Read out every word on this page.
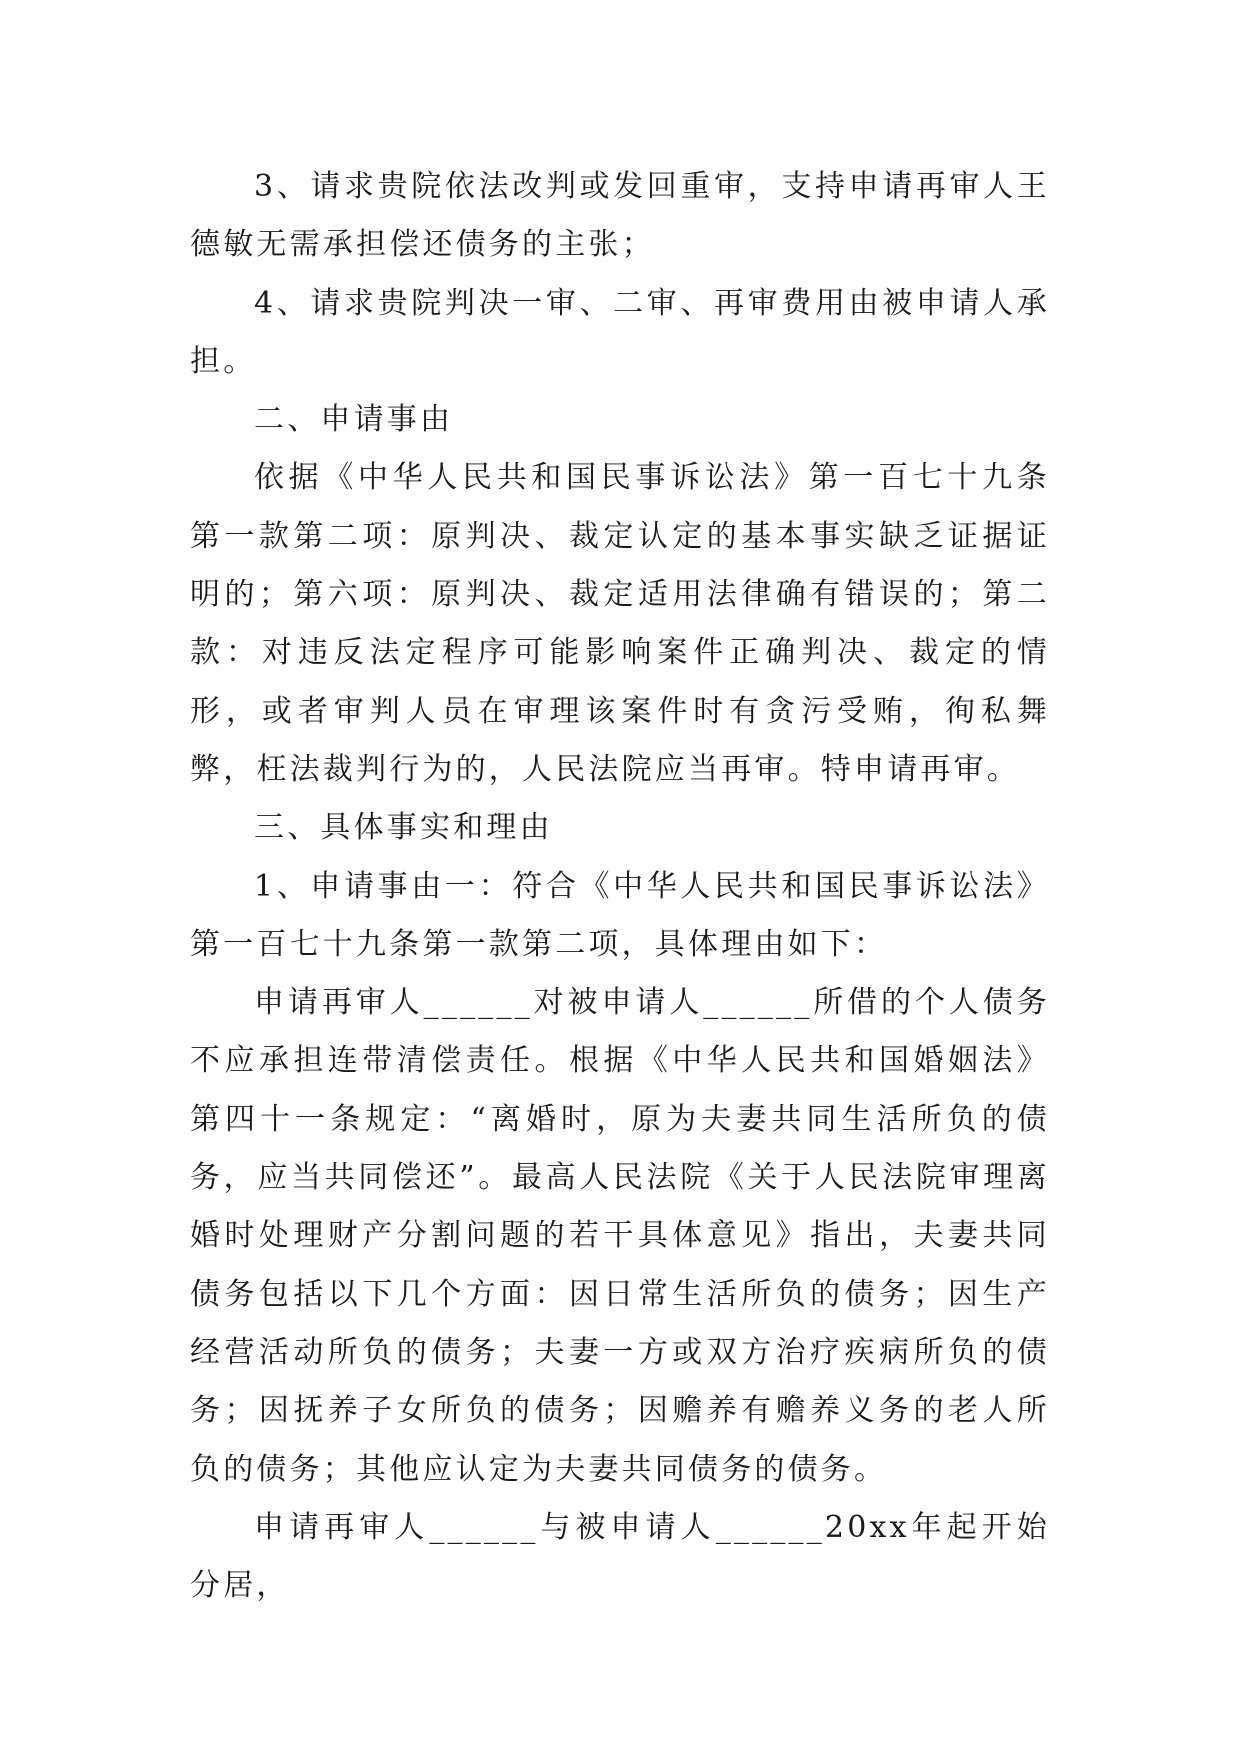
3、请求贵院依法改判或发回重审，支持申请再审人王德敏无需承担偿还债务的主张；

4、请求贵院判决一审、二审、再审费用由被申请人承担。

二、申请事由

依据《中华人民共和国民事诉讼法》第一百七十九条第一款第二项：原判决、裁定认定的基本事实缺乏证据证明的；第六项：原判决、裁定适用法律确有错误的；第二款：对违反法定程序可能影响案件正确判决、裁定的情形，或者审判人员在审理该案件时有贪污受贿，徇私舞弊，枉法裁判行为的，人民法院应当再审。特申请再审。

三、具体事实和理由

1、申请事由一：符合《中华人民共和国民事诉讼法》第一百七十九条第一款第二项，具体理由如下：

申请再审人______对被申请人______所借的个人债务不应承担连带清偿责任。根据《中华人民共和国婚姻法》第四十一条规定：“离婚时，原为夫妻共同生活所负的债务，应当共同偿还”。最高人民法院《关于人民法院审理离婚时处理财产分割问题的若干具体意见》指出，夫妻共同债务包括以下几个方面：因日常生活所负的债务；因生产经营活动所负的债务；夫妻一方或双方治疗疾病所负的债务；因抚养子女所负的债务；因赡养有赡养义务的老人所负的债务；其他应认定为夫妻共同债务的债务。

申请再审人______与被申请人______20xx年起开始分居，
